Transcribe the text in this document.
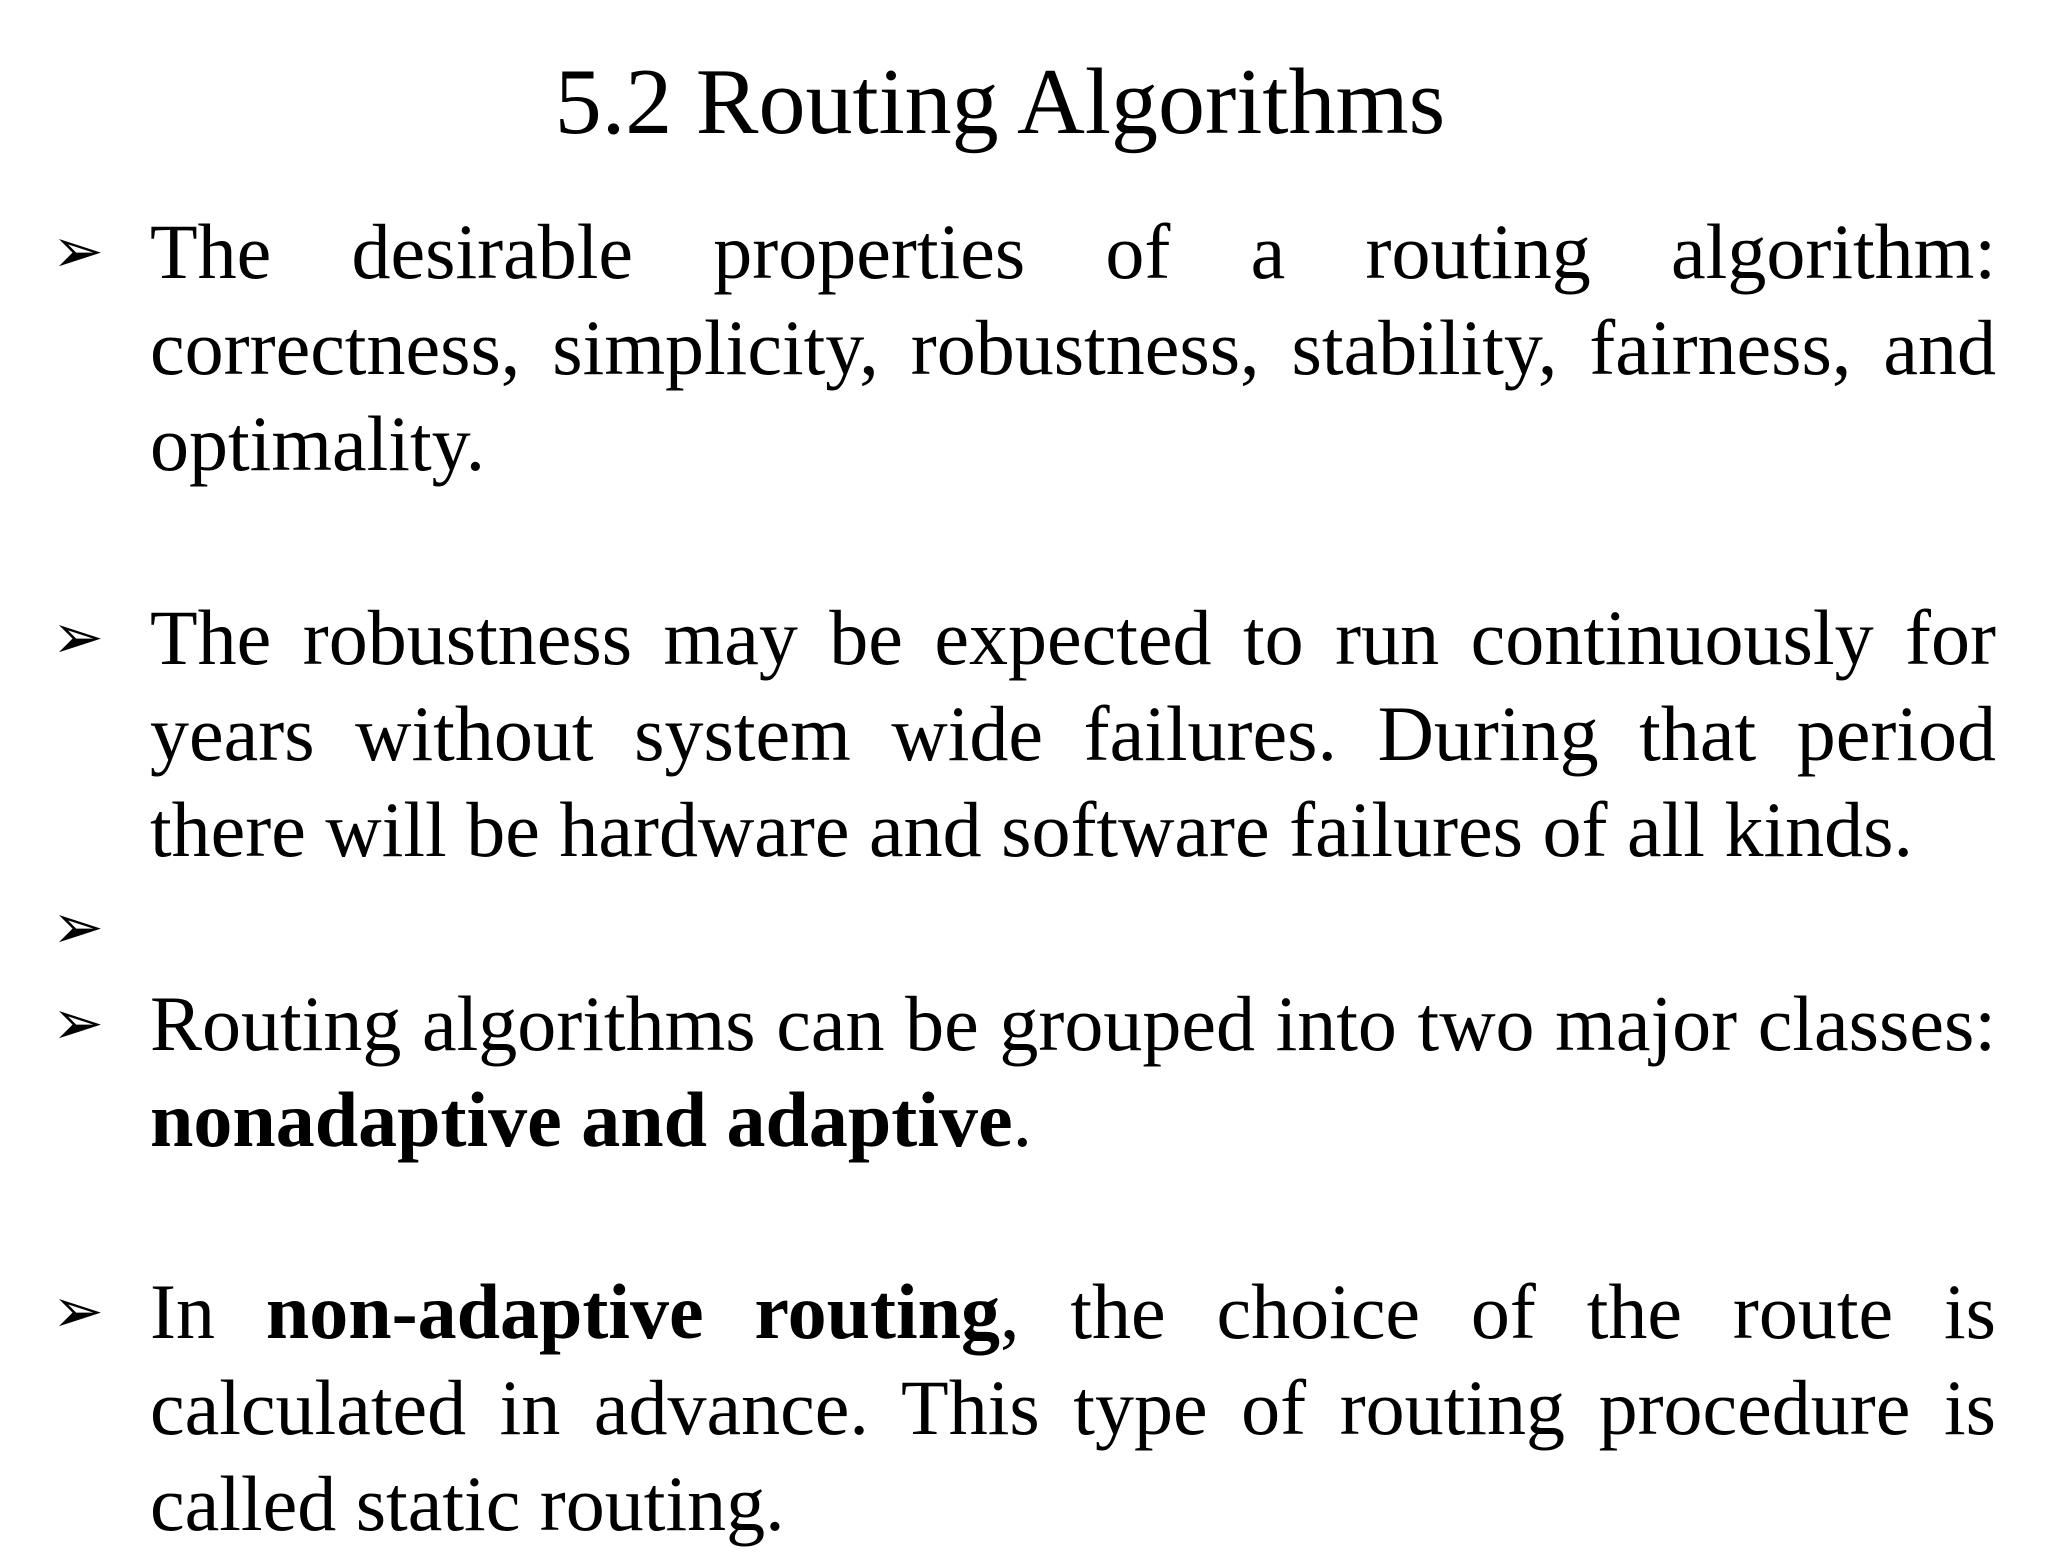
5.2 Routing Algorithms
➢ The desirable properties of a routing algorithm: correctness, simplicity, robustness, stability, fairness, and optimality.
➢ The robustness may be expected to run continuously for years without system wide failures. During that period there will be hardware and software failures of all kinds.
➢
➢ Routing algorithms can be grouped into two major classes: nonadaptive and adaptive.
➢ In non-adaptive routing, the choice of the route is calculated in advance. This type of routing procedure is called static routing.
